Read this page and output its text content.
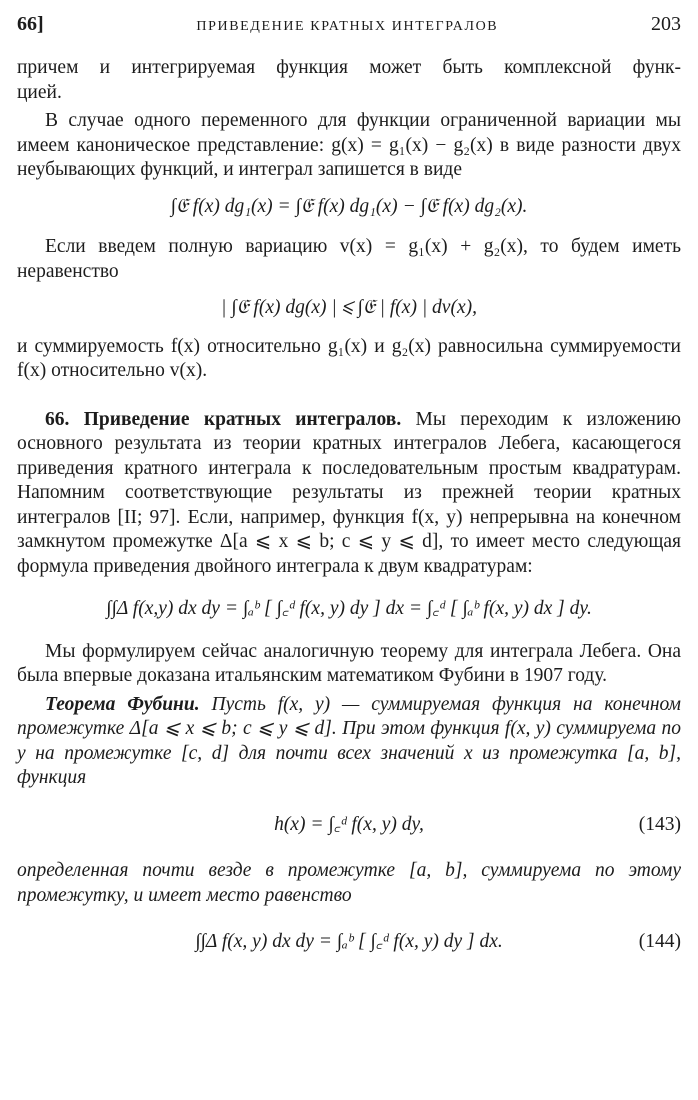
66]	ПРИВЕДЕНИЕ КРАТНЫХ ИНТЕГРАЛОВ	203

причем и интегрируемая функция может быть комплексной функ-

цией.

В случае одного переменного для функции ограниченной вариации мы имеем каноническое представление: g(x) = g₁(x) − g₂(x) в виде разности двух неубывающих функций, и интеграл запишется в виде

∫𝔈 f(x) dg₁(x) = ∫𝔈 f(x) dg₁(x) − ∫𝔈 f(x) dg₂(x).

Если введем полную вариацию v(x) = g₁(x) + g₂(x), то будем иметь неравенство

| ∫𝔈 f(x) dg(x) | ⩽ ∫𝔈 | f(x) | dv(x),

и суммируемость f(x) относительно g₁(x) и g₂(x) равносильна суммируемости f(x) относительно v(x).

66. Приведение кратных интегралов. Мы переходим к изложению основного результата из теории кратных интегралов Лебега, касающегося приведения кратного интеграла к последовательным простым квадратурам. Напомним соответствующие результаты из прежней теории кратных интегралов [II; 97]. Если, например, функция f(x, y) непрерывна на конечном замкнутом промежутке Δ[a ⩽ x ⩽ b; c ⩽ y ⩽ d], то имеет место следующая формула приведения двойного интеграла к двум квадратурам:

∫∫Δ f(x,y) dx dy = ∫ₐᵇ [ ∫꜀ᵈ f(x, y) dy ] dx = ∫꜀ᵈ [ ∫ₐᵇ f(x, y) dx ] dy.

Мы формулируем сейчас аналогичную теорему для интеграла Лебега. Она была впервые доказана итальянским математиком Фубини в 1907 году.

Теорема Фубини. Пусть f(x, y) — суммируемая функция на конечном промежутке Δ[a ⩽ x ⩽ b; c ⩽ y ⩽ d]. При этом функция f(x, y) суммируема по y на промежутке [c, d] для почти всех значений x из промежутка [a, b], функция

h(x) = ∫꜀ᵈ f(x, y) dy,	(143)

определенная почти везде в промежутке [a, b], суммируема по этому промежутку, и имеет место равенство

∫∫Δ f(x, y) dx dy = ∫ₐᵇ [ ∫꜀ᵈ f(x, y) dy ] dx.	(144)
